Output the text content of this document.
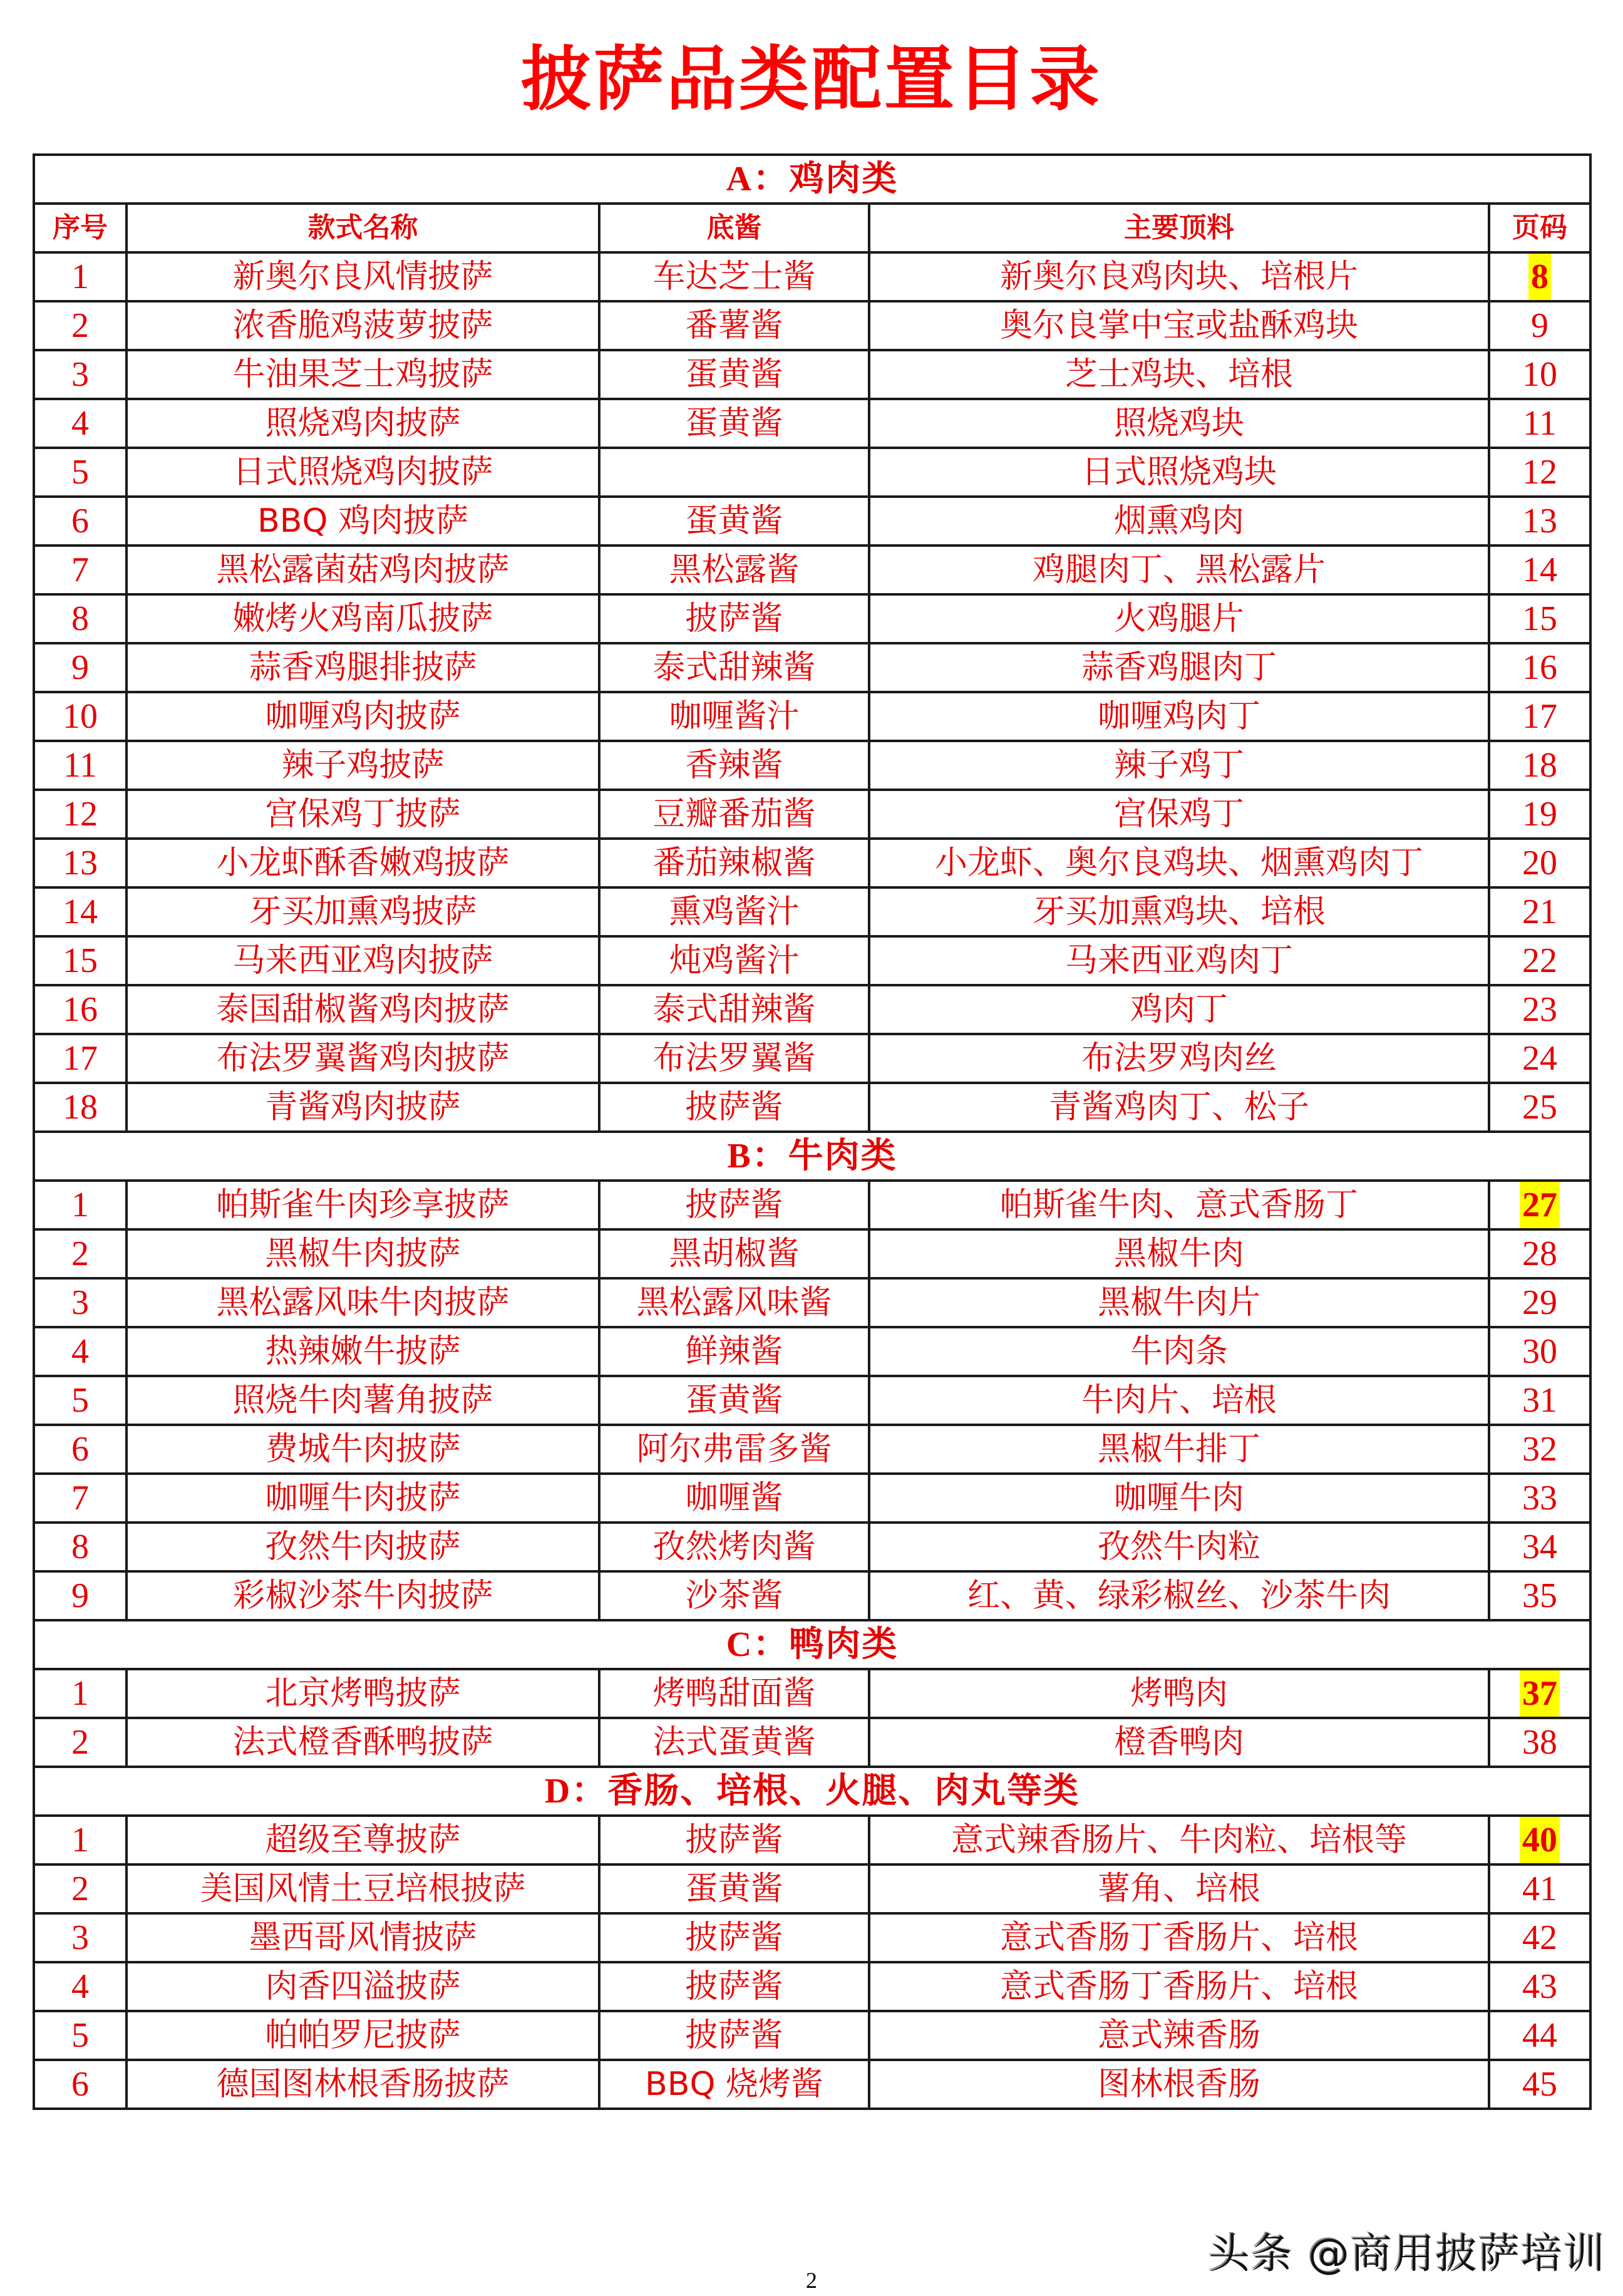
披萨品类配置目录
A：鸡肉类				
序号	款式名称	底酱	主要顶料	页码
1	新奥尔良风情披萨	车达芝士酱	新奥尔良鸡肉块、培根片	8
2	浓香脆鸡菠萝披萨	番薯酱	奥尔良掌中宝或盐酥鸡块	9
3	牛油果芝士鸡披萨	蛋黄酱	芝士鸡块、培根	10
4	照烧鸡肉披萨	蛋黄酱	照烧鸡块	11
5	日式照烧鸡肉披萨		日式照烧鸡块	12
6	BBQ 鸡肉披萨	蛋黄酱	烟熏鸡肉	13
7	黑松露菌菇鸡肉披萨	黑松露酱	鸡腿肉丁、黑松露片	14
8	嫩烤火鸡南瓜披萨	披萨酱	火鸡腿片	15
9	蒜香鸡腿排披萨	泰式甜辣酱	蒜香鸡腿肉丁	16
10	咖喱鸡肉披萨	咖喱酱汁	咖喱鸡肉丁	17
11	辣子鸡披萨	香辣酱	辣子鸡丁	18
12	宫保鸡丁披萨	豆瓣番茄酱	宫保鸡丁	19
13	小龙虾酥香嫩鸡披萨	番茄辣椒酱	小龙虾、奥尔良鸡块、烟熏鸡肉丁	20
14	牙买加熏鸡披萨	熏鸡酱汁	牙买加熏鸡块、培根	21
15	马来西亚鸡肉披萨	炖鸡酱汁	马来西亚鸡肉丁	22
16	泰国甜椒酱鸡肉披萨	泰式甜辣酱	鸡肉丁	23
17	布法罗翼酱鸡肉披萨	布法罗翼酱	布法罗鸡肉丝	24
18	青酱鸡肉披萨	披萨酱	青酱鸡肉丁、松子	25
B：牛肉类				
1	帕斯雀牛肉珍享披萨	披萨酱	帕斯雀牛肉、意式香肠丁	27
2	黑椒牛肉披萨	黑胡椒酱	黑椒牛肉	28
3	黑松露风味牛肉披萨	黑松露风味酱	黑椒牛肉片	29
4	热辣嫩牛披萨	鲜辣酱	牛肉条	30
5	照烧牛肉薯角披萨	蛋黄酱	牛肉片、培根	31
6	费城牛肉披萨	阿尔弗雷多酱	黑椒牛排丁	32
7	咖喱牛肉披萨	咖喱酱	咖喱牛肉	33
8	孜然牛肉披萨	孜然烤肉酱	孜然牛肉粒	34
9	彩椒沙茶牛肉披萨	沙茶酱	红、黄、绿彩椒丝、沙茶牛肉	35
C：鸭肉类				
1	北京烤鸭披萨	烤鸭甜面酱	烤鸭肉	37
2	法式橙香酥鸭披萨	法式蛋黄酱	橙香鸭肉	38
D：香肠、培根、火腿、肉丸等类				
1	超级至尊披萨	披萨酱	意式辣香肠片、牛肉粒、培根等	40
2	美国风情土豆培根披萨	蛋黄酱	薯角、培根	41
3	墨西哥风情披萨	披萨酱	意式香肠丁香肠片、培根	42
4	肉香四溢披萨	披萨酱	意式香肠丁香肠片、培根	43
5	帕帕罗尼披萨	披萨酱	意式辣香肠	44
6	德国图林根香肠披萨	BBQ 烧烤酱	图林根香肠	45
头条 @商用披萨培训
2
